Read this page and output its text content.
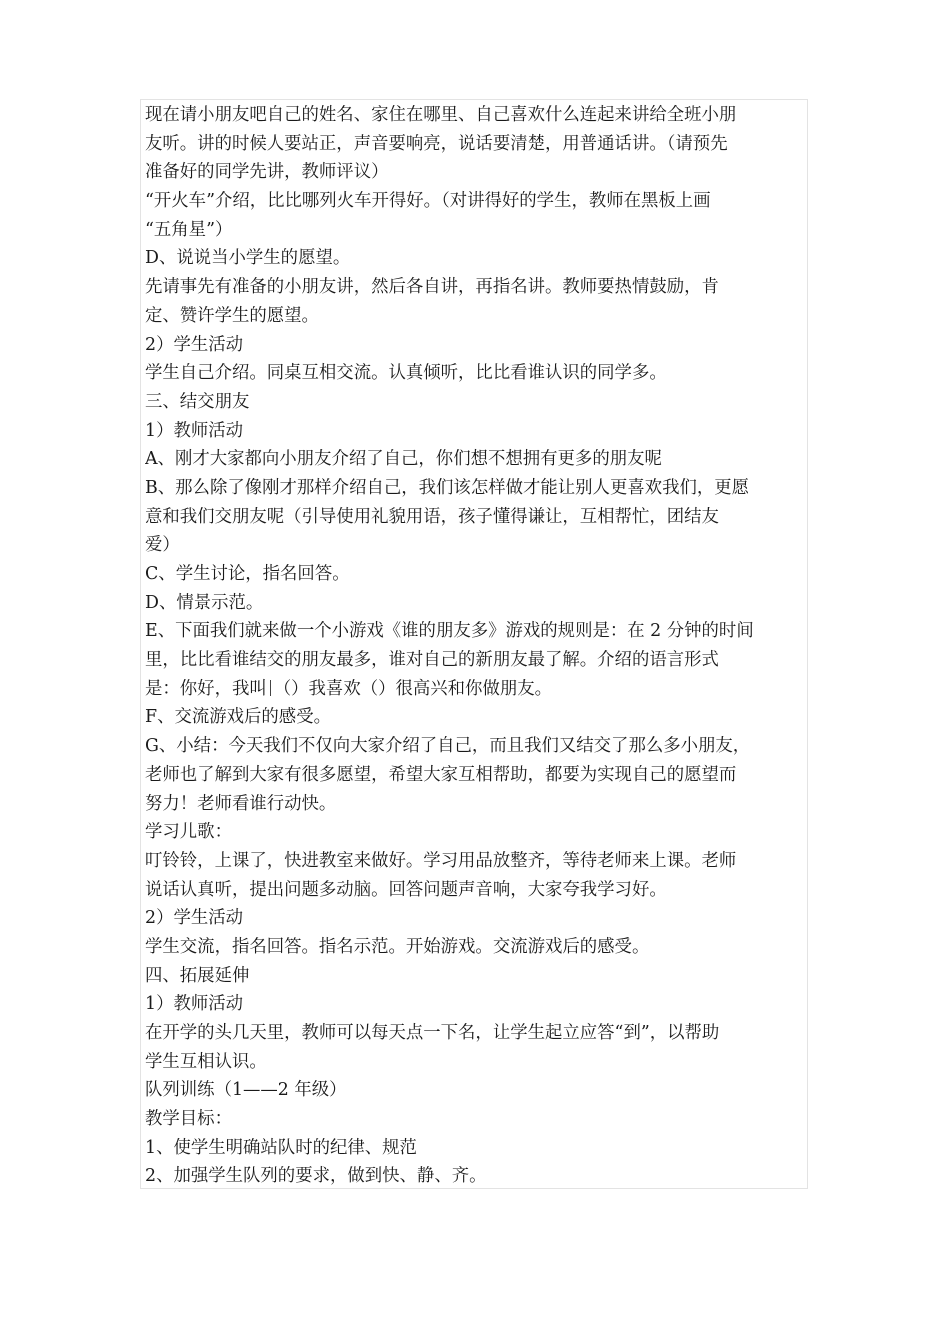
现在请小朋友吧自己的姓名、家住在哪里、自己喜欢什么连起来讲给全班小朋
友听。讲的时候人要站正，声音要响亮，说话要清楚，用普通话讲。（请预先
准备好的同学先讲，教师评议）
“开火车”介绍，比比哪列火车开得好。（对讲得好的学生，教师在黑板上画
“五角星”）
D、说说当小学生的愿望。
先请事先有准备的小朋友讲，然后各自讲，再指名讲。教师要热情鼓励，肯
定、赞许学生的愿望。
2）学生活动
学生自己介绍。同桌互相交流。认真倾听，比比看谁认识的同学多。
三、结交朋友
1）教师活动
A、刚才大家都向小朋友介绍了自己，你们想不想拥有更多的朋友呢
B、那么除了像刚才那样介绍自己，我们该怎样做才能让别人更喜欢我们，更愿
意和我们交朋友呢（引导使用礼貌用语，孩子懂得谦让，互相帮忙，团结友
爱）
C、学生讨论，指名回答。
D、情景示范。
E、下面我们就来做一个小游戏《谁的朋友多》游戏的规则是：在 2 分钟的时间
里，比比看谁结交的朋友最多，谁对自己的新朋友最了解。介绍的语言形式
是：你好，我叫 （）我喜欢（）很高兴和你做朋友。
F、交流游戏后的感受。
G、小结：今天我们不仅向大家介绍了自己，而且我们又结交了那么多小朋友，
老师也了解到大家有很多愿望，希望大家互相帮助，都要为实现自己的愿望而
努力！老师看谁行动快。
学习儿歌：
叮铃铃，上课了，快进教室来做好。学习用品放整齐，等待老师来上课。老师
说话认真听，提出问题多动脑。回答问题声音响，大家夸我学习好。
2）学生活动
学生交流，指名回答。指名示范。开始游戏。交流游戏后的感受。
四、拓展延伸
1）教师活动
在开学的头几天里，教师可以每天点一下名，让学生起立应答“到”，以帮助
学生互相认识。
队列训练（1——2 年级）
教学目标：
1、使学生明确站队时的纪律、规范
2、加强学生队列的要求，做到快、静、齐。
